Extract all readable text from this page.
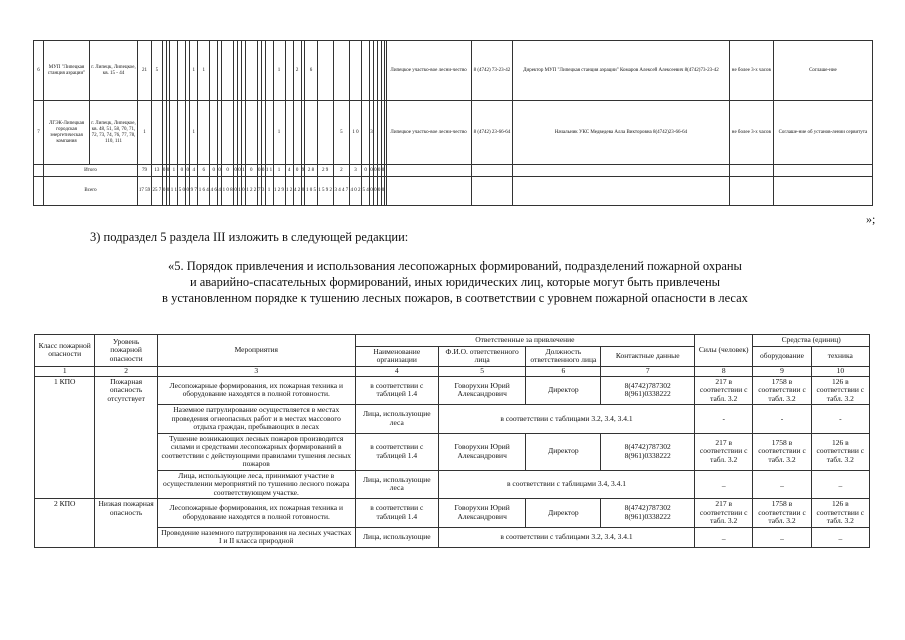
6	МУП "Липецкая станция аэрации"	г. Липецк, Липецкое, кв. 15 - 44	21	5						1	1											1		2		6										Липецкое участко-вое лесни-чество	8 (4742) 73-23-42	Директор МУП "Липецкая станция аэрации" Комаров Алексей Алексеевич 8(4742)73-23-42	не более 3-х часов	Соглаше-ние
7	ЛГЭК-Липецкая городская энергетическая компания	г. Липецк, Липецкое, кв. 48, 51, 58, 70, 71, 72, 73, 74, 76, 77, 78, 110, 111	1							1												1						5	1 0		3					Липецкое участко-вое лесни-чество	8 (4742) 23-66-64	Начальник УКС Медведева Алла Викторовна 8(4742)23-66-64	не более 3-х часов	Соглаше-ние об установ-лении сервитута
	Итого		79	13	0	0	1	0	0	4	6	0	0	0	0	0	1	0	0	0	1 1	1	4	0	9	2 8	2 9	2	3	0	0	0	0	0						
	Всего		17 59	25 7	0	0	1 1	5 0	0	9 7	1 6 4	4 6	4	1 0 8	0	1	0	1 2 2	7	3	1	1 2 9	1 2	4 2	0	1 0 5	1 5 9 2	3 4 4 7	4 0 2	5 4	0	0	0	0						
»;
3) подраздел 5 раздела III изложить в следующей редакции:
«5. Порядок привлечения и использования лесопожарных формирований, подразделений пожарной охраны
и аварийно-спасательных формирований, иных юридических лиц, которые могут быть привлечены
в установленном порядке к тушению лесных пожаров, в соответствии с уровнем пожарной опасности в лесах
Класс пожарной опасности	Уровень пожарной опасности	Мероприятия	Ответственные за привлечение				Силы (человек)	Средства (единиц)	
			Наименование организации	Ф.И.О. ответственного лица	Должность ответственного лица	Контактные данные		оборудование	техника
1	2	3	4	5	6	7	8	9	10
1 КПО	Пожарная опасность отсутствует	Лесопожарные формирования, их пожарная техника и оборудование находятся в полной готовности.	в соответствии с таблицей 1.4	Говорухин Юрий Александрович	Директор	8(4742)787302 8(961)0338222	217 в соответствии с табл. 3.2	1758 в соответствии с табл. 3.2	126 в соответствии с табл. 3.2
		Наземное патрулирование осуществляется в местах проведения огнеопасных работ и в местах массового отдыха граждан, пребывающих в лесах	Лица, использующие леса	в соответствии с таблицами 3.2, 3.4, 3.4.1			-	-	-
		Тушение возникающих лесных пожаров производится силами и средствами лесопожарных формирований в соответствии с действующими правилами тушения лесных пожаров	в соответствии с таблицей 1.4	Говорухин Юрий Александрович	Директор	8(4742)787302 8(961)0338222	217 в соответствии с табл. 3.2	1758 в соответствии с табл. 3.2	126 в соответствии с табл. 3.2
		Лица, использующие леса, принимают участие в осуществлении мероприятий по тушению лесного пожара соответствующем участке.	Лица, использующие леса	в соответствии с таблицами 3.4, 3.4.1			_	_	_
2 КПО	Низкая пожарная опасность	Лесопожарные формирования, их пожарная техника и оборудование находятся в полной готовности.	в соответствии с таблицей 1.4	Говорухин Юрий Александрович	Директор	8(4742)787302 8(961)0338222	217 в соответствии с табл. 3.2	1758 в соответствии с табл. 3.2	126 в соответствии с табл. 3.2
		Проведение наземного патрулирования на лесных участках I и II класса природной	Лица, использующие	в соответствии с таблицами 3.2, 3.4, 3.4.1			_	_	_
